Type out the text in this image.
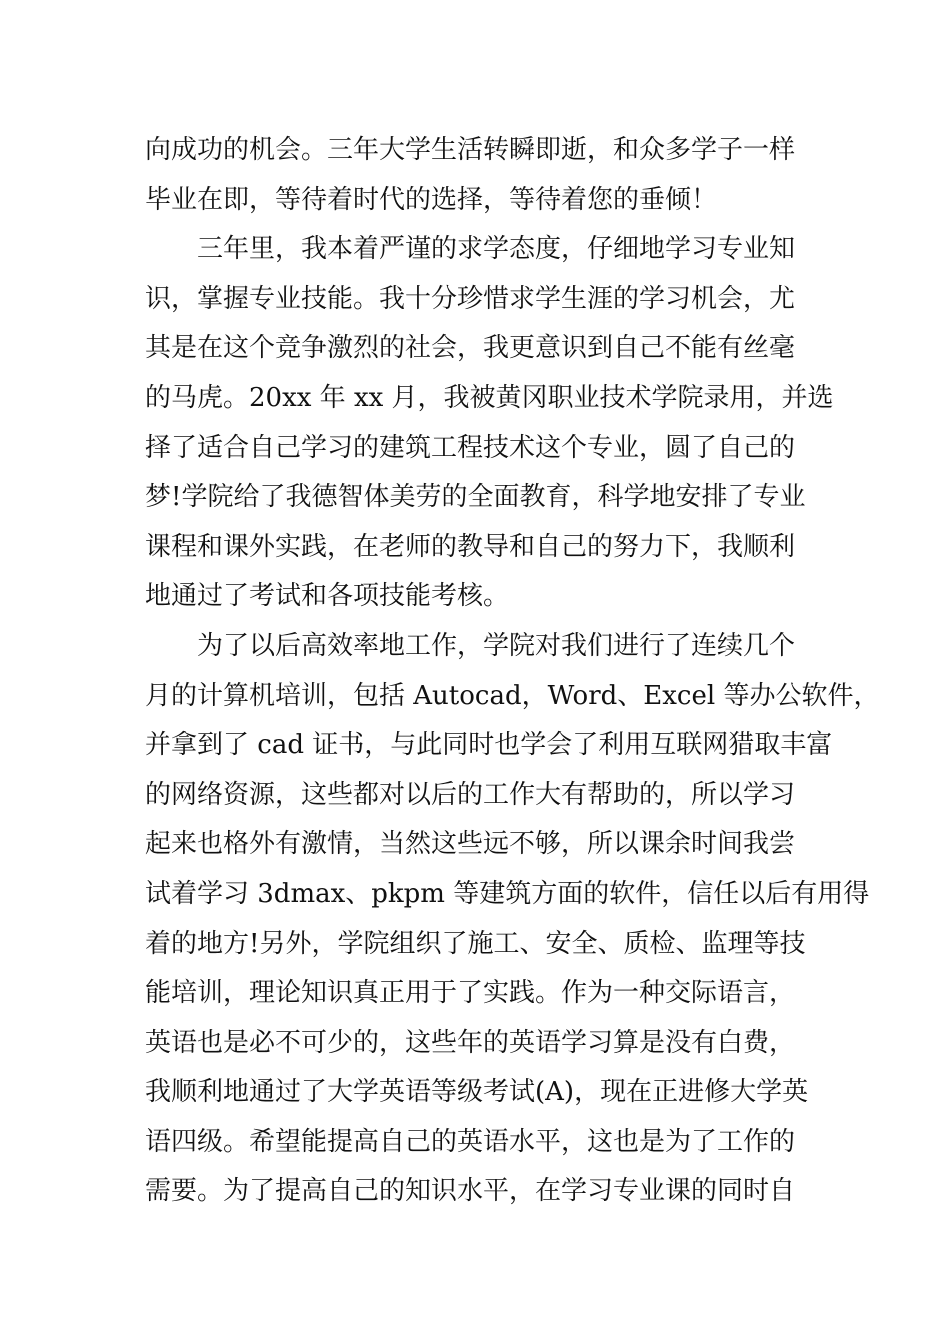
向成功的机会。三年大学生活转瞬即逝，和众多学子一样
毕业在即，等待着时代的选择，等待着您的垂倾！
三年里，我本着严谨的求学态度，仔细地学习专业知
识，掌握专业技能。我十分珍惜求学生涯的学习机会，尤
其是在这个竞争激烈的社会，我更意识到自己不能有丝毫
的马虎。20xx 年 xx 月，我被黄冈职业技术学院录用，并选
择了适合自己学习的建筑工程技术这个专业，圆了自己的
梦!学院给了我德智体美劳的全面教育，科学地安排了专业
课程和课外实践，在老师的教导和自己的努力下，我顺利
地通过了考试和各项技能考核。
为了以后高效率地工作，学院对我们进行了连续几个
月的计算机培训，包括 Autocad，Word、Excel 等办公软件，
并拿到了 cad 证书，与此同时也学会了利用互联网猎取丰富
的网络资源，这些都对以后的工作大有帮助的，所以学习
起来也格外有激情，当然这些远不够，所以课余时间我尝
试着学习 3dmax、pkpm 等建筑方面的软件，信任以后有用得
着的地方!另外，学院组织了施工、安全、质检、监理等技
能培训，理论知识真正用于了实践。作为一种交际语言，
英语也是必不可少的，这些年的英语学习算是没有白费，
我顺利地通过了大学英语等级考试(A)，现在正进修大学英
语四级。希望能提高自己的英语水平，这也是为了工作的
需要。为了提高自己的知识水平，在学习专业课的同时自
